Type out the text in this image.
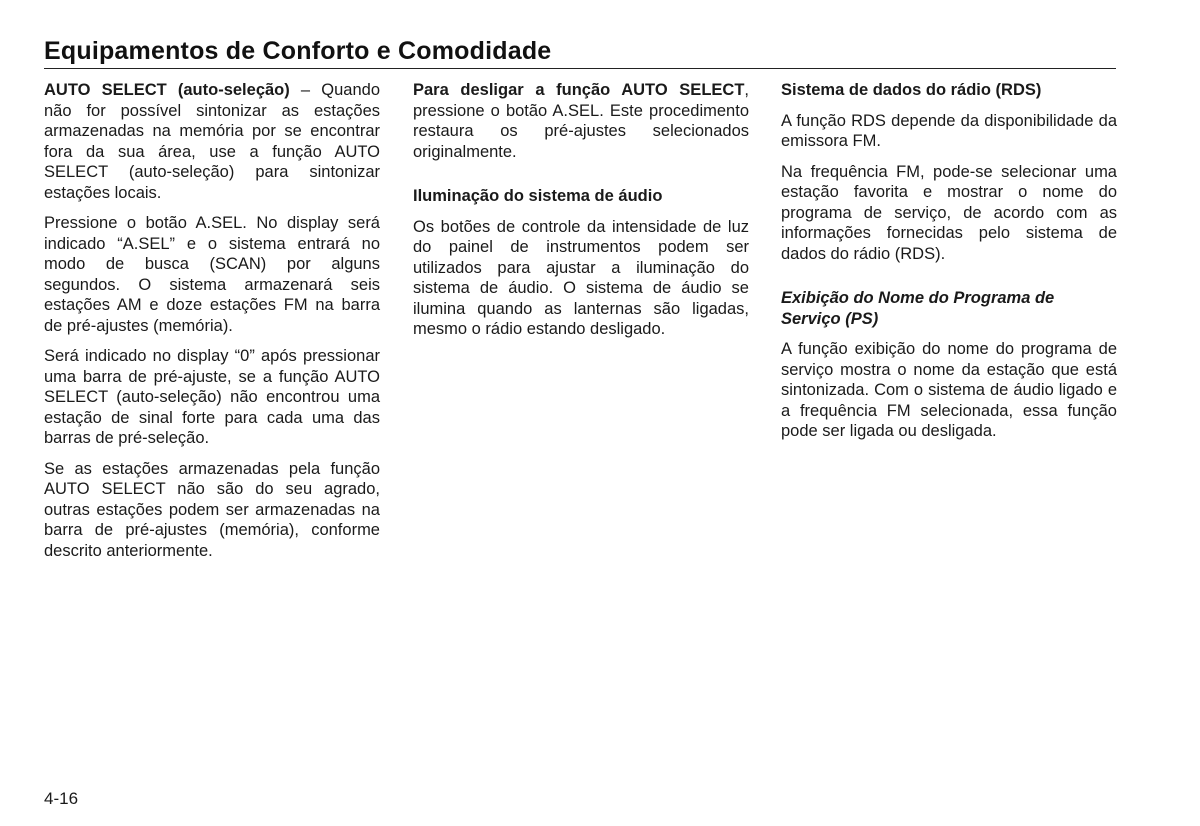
Equipamentos de Conforto e Comodidade

AUTO SELECT (auto-seleção) – Quando não for possível sintonizar as estações armazenadas na memória por se encontrar fora da sua área, use a função AUTO SELECT (auto-seleção) para sintonizar estações locais.

Pressione o botão A.SEL. No display será indicado “A.SEL” e o sistema entrará no modo de busca (SCAN) por alguns segundos. O sistema armazenará seis estações AM e doze estações FM na barra de pré-ajustes (memória).

Será indicado no display “0” após pressionar uma barra de pré-ajuste, se a função AUTO SELECT (auto-seleção) não encontrou uma estação de sinal forte para cada uma das barras de pré-seleção.

Se as estações armazenadas pela função AUTO SELECT não são do seu agrado, outras estações podem ser armazenadas na barra de pré-ajustes (memória), conforme descrito anteriormente.

Para desligar a função AUTO SELECT, pressione o botão A.SEL. Este procedimento restaura os pré-ajustes selecionados originalmente.

Iluminação do sistema de áudio

Os botões de controle da intensidade de luz do painel de instrumentos podem ser utilizados para ajustar a iluminação do sistema de áudio. O sistema de áudio se ilumina quando as lanternas são ligadas, mesmo o rádio estando desligado.

Sistema de dados do rádio (RDS)

A função RDS depende da disponibilidade da emissora FM.

Na frequência FM, pode-se selecionar uma estação favorita e mostrar o nome do programa de serviço, de acordo com as informações fornecidas pelo sistema de dados do rádio (RDS).

Exibição do Nome do Programa de Serviço (PS)

A função exibição do nome do programa de serviço mostra o nome da estação que está sintonizada. Com o sistema de áudio ligado e a frequência FM selecionada, essa função pode ser ligada ou desligada.

4-16
